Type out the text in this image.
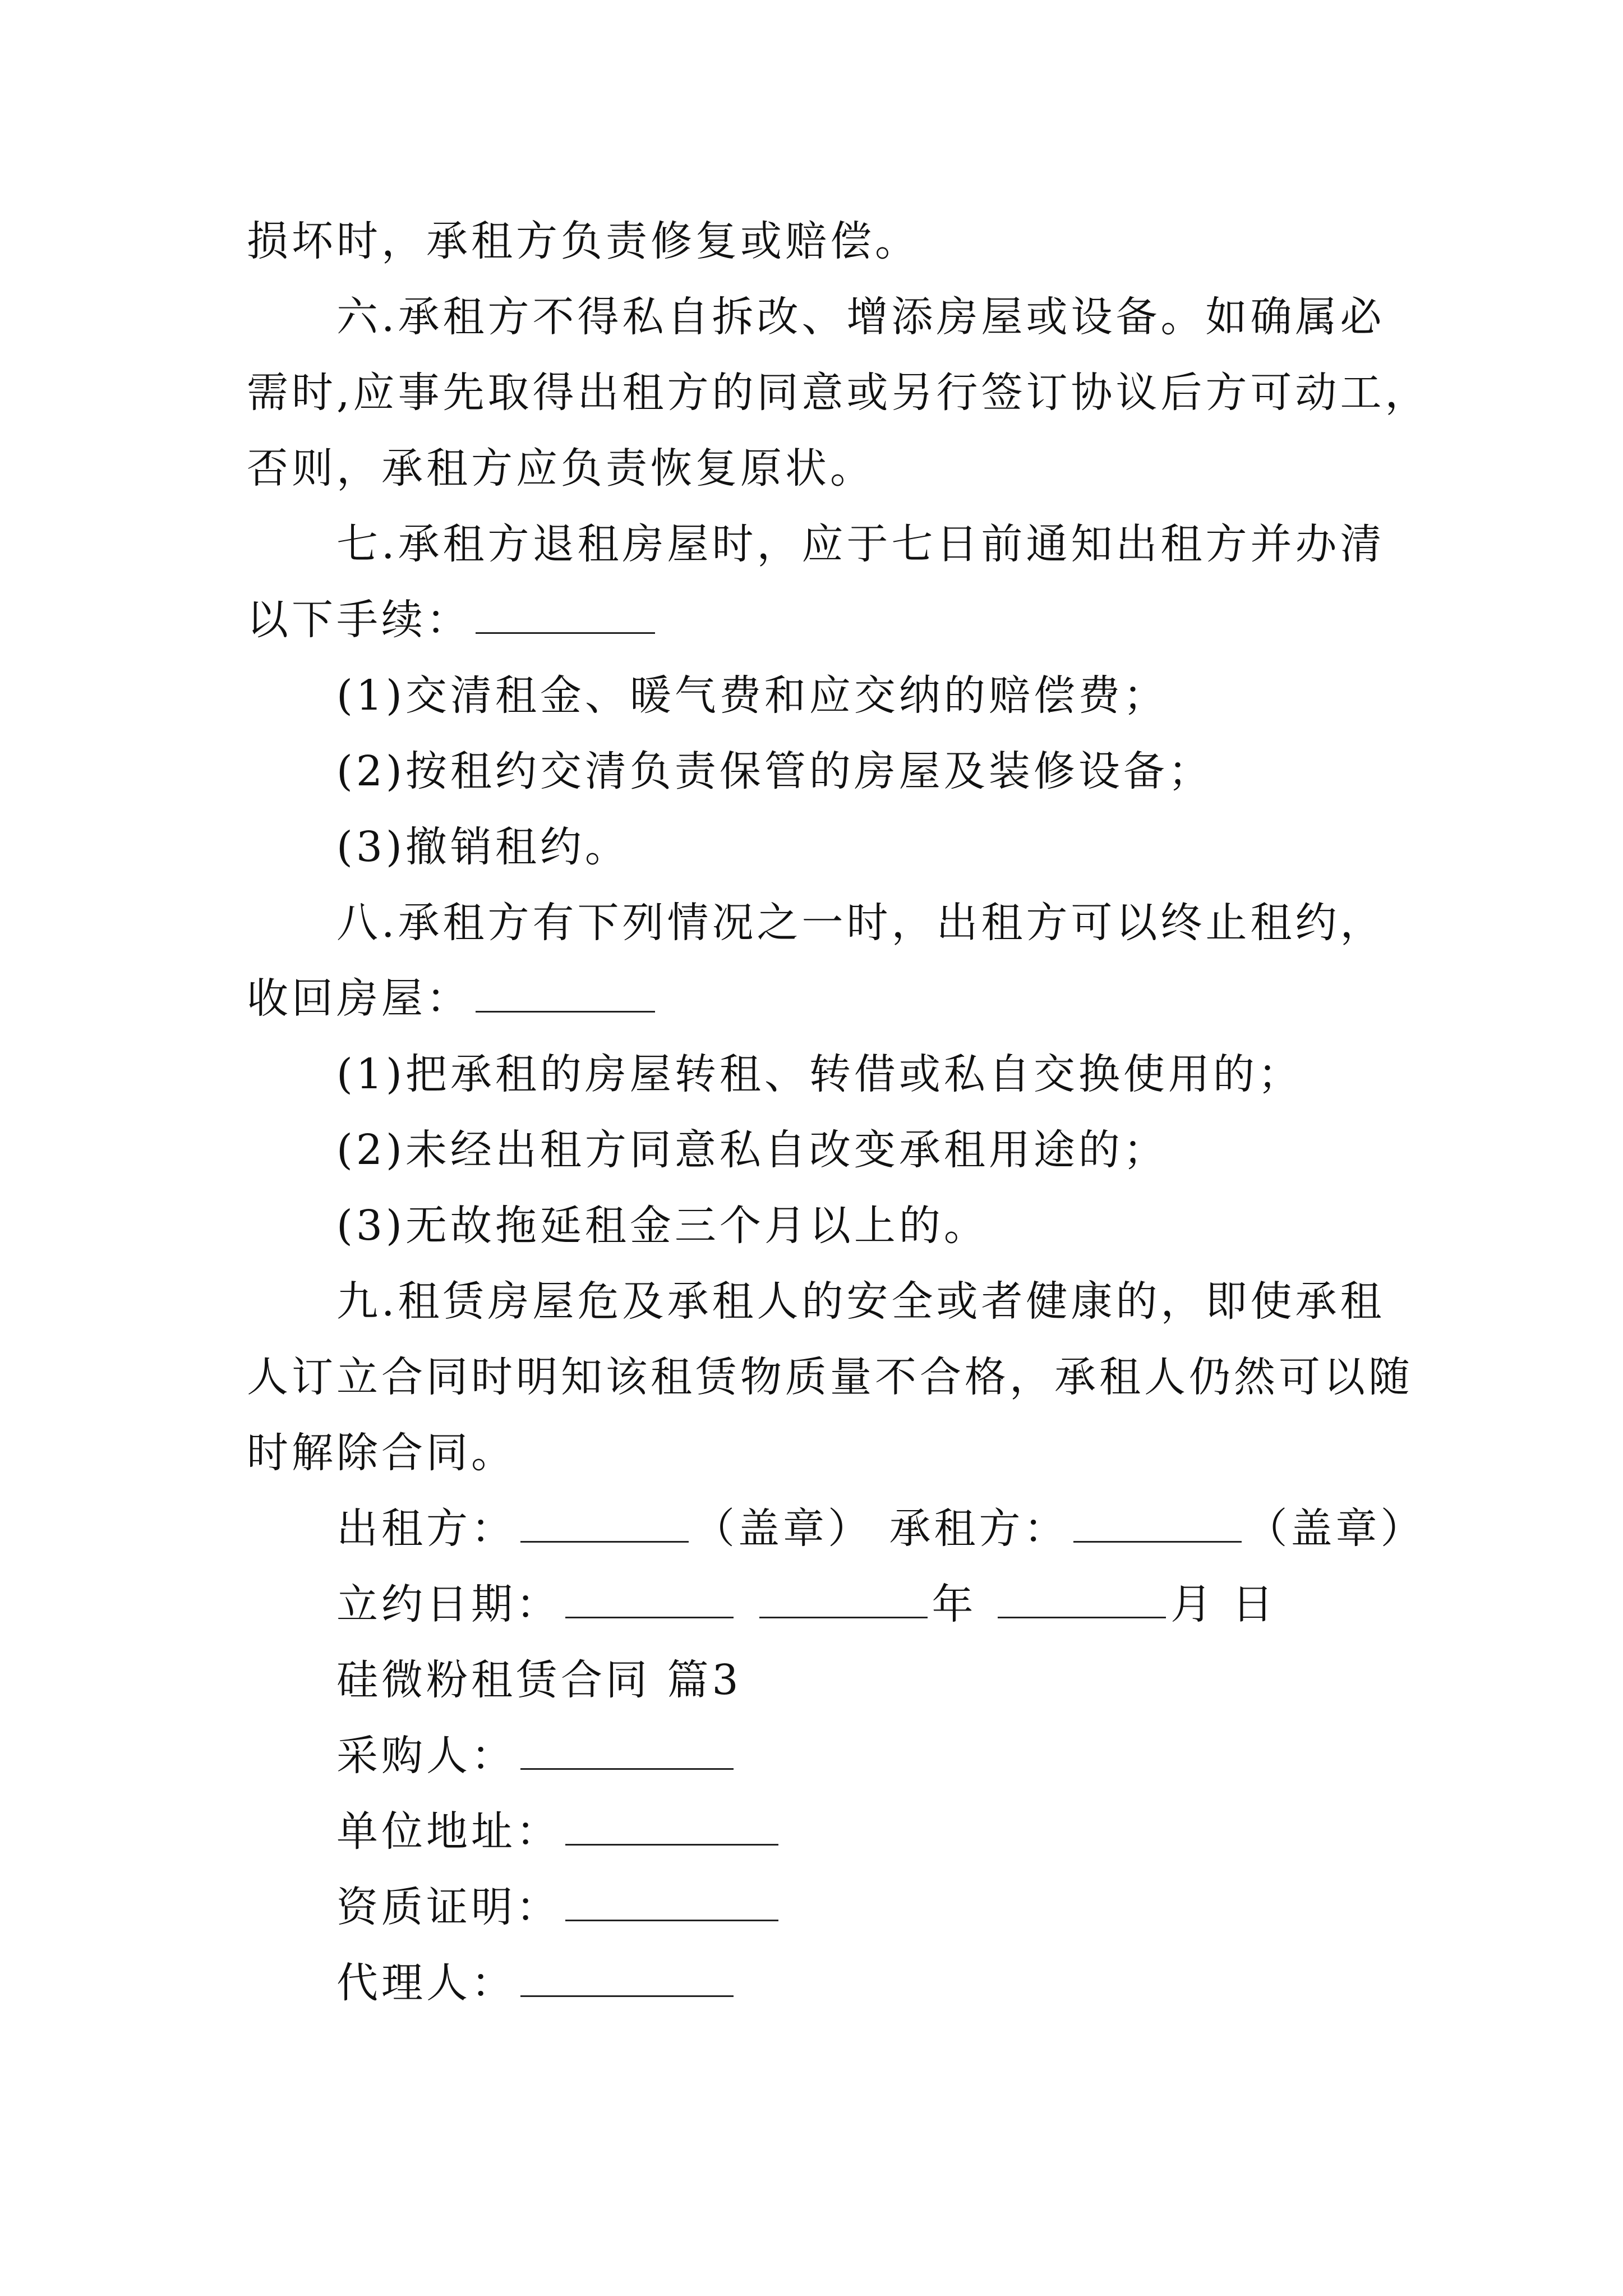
损坏时，承租方负责修复或赔偿。
六.承租方不得私自拆改、增添房屋或设备。如确属必
需时,应事先取得出租方的同意或另行签订协议后方可动工，
否则，承租方应负责恢复原状。
七.承租方退租房屋时，应于七日前通知出租方并办清
以下手续：
(1)交清租金、暖气费和应交纳的赔偿费；
(2)按租约交清负责保管的房屋及装修设备；
(3)撤销租约。
八.承租方有下列情况之一时，出租方可以终止租约，
收回房屋：
(1)把承租的房屋转租、转借或私自交换使用的；
(2)未经出租方同意私自改变承租用途的；
(3)无故拖延租金三个月以上的。
九.租赁房屋危及承租人的安全或者健康的，即使承租
人订立合同时明知该租赁物质量不合格，承租人仍然可以随
时解除合同。
出租方：	（盖章） 承租方：	（盖章）
立约日期：	年	月 日
硅微粉租赁合同 篇3
采购人：
单位地址：
资质证明：
代理人：
